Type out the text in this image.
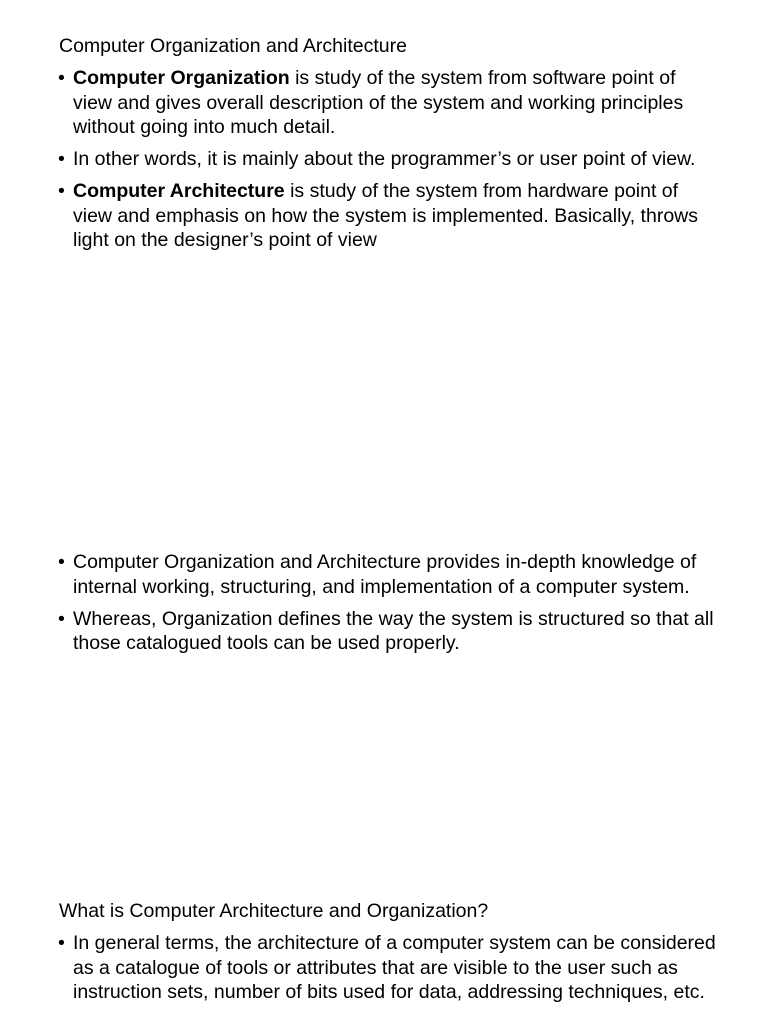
Computer Organization and Architecture
• Computer Organization is study of the system from software point of view and gives overall description of the system and working principles without going into much detail.
• In other words, it is mainly about the programmer’s or user point of view.
• Computer Architecture is study of the system from hardware point of view and emphasis on how the system is implemented. Basically, throws light on the designer’s point of view
• Computer Organization and Architecture provides in-depth knowledge of internal working, structuring, and implementation of a computer system.
• Whereas, Organization defines the way the system is structured so that all those catalogued tools can be used properly.
What is Computer Architecture and Organization?
• In general terms, the architecture of a computer system can be considered as a catalogue of tools or attributes that are visible to the user such as instruction sets, number of bits used for data, addressing techniques, etc.
